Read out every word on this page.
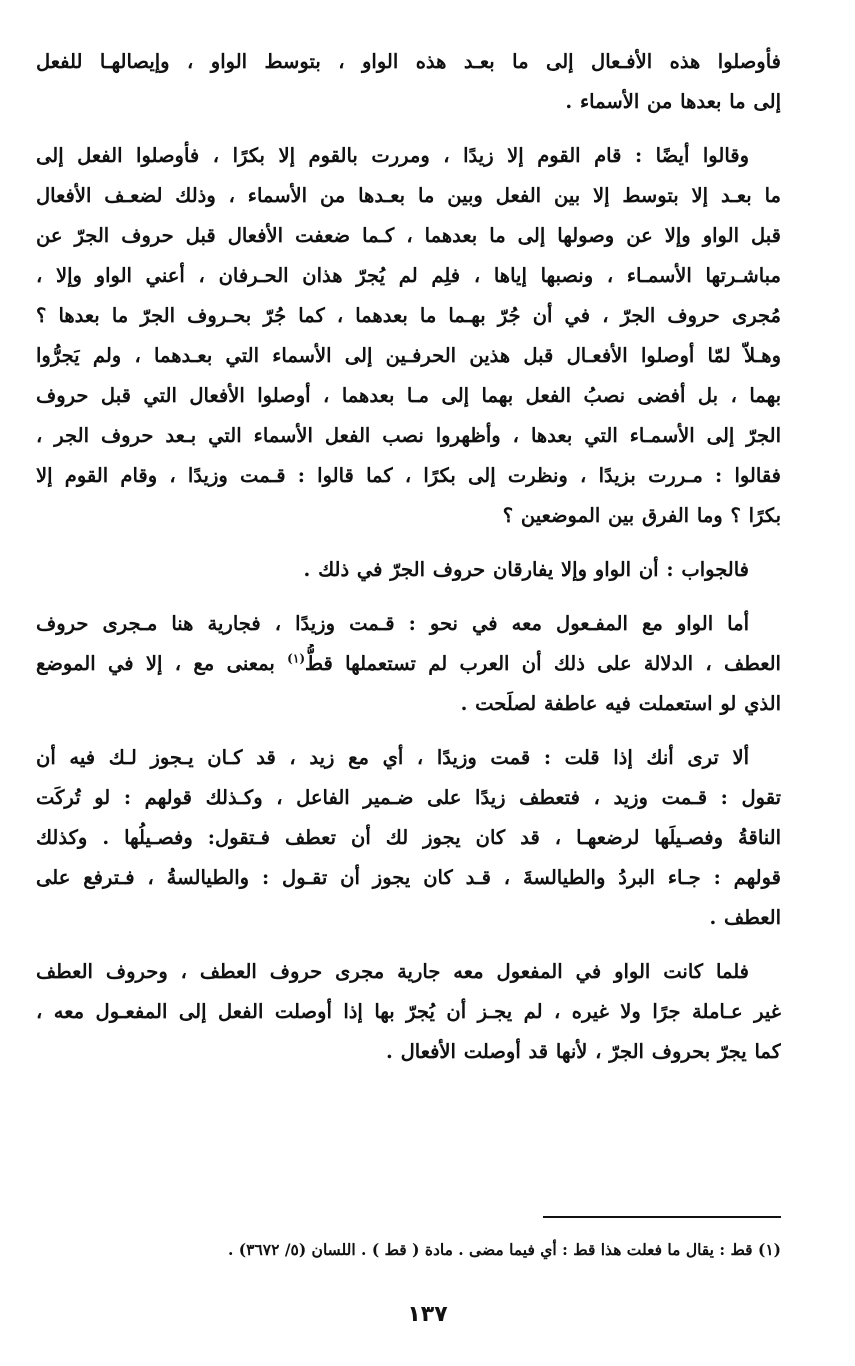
فأوصلوا هذه الأفـعال إلى ما بعـد هذه الواو ، بتوسط الواو ، وإيصالهـا للفعل
إلى ما بعدها من الأسماء .

وقالوا أيضًا : قام القوم إلا زيدًا ، ومررت بالقوم إلا بكرًا ، فأوصلوا الفعل إلى
ما بعـد إلا بتوسط إلا بين الفعل وبين ما بعـدها من الأسماء ، وذلك لضعـف الأفعال
قبل الواو وإلا عن وصولها إلى ما بعدهما ، كـما ضعفت الأفعال قبل حروف الجرّ عن
مباشـرتها الأسمـاء ، ونصبها إياها ، فلِم لم يُجرّ هذان الحـرفان ، أعني الواو وإلا ،
مُجرى حروف الجرّ ، في أن جُرّ بهـما ما بعدهما ، كما جُرّ بحـروف الجرّ ما بعدها ؟
وهـلاّ لمّا أوصلوا الأفعـال قبل هذين الحرفـين إلى الأسماء التي بعـدهما ، ولم يَجرُّوا
بهما ، بل أفضى نصبُ الفعل بهما إلى مـا بعدهما ، أوصلوا الأفعال التي قبل حروف
الجرّ إلى الأسمـاء التي بعدها ، وأظهروا نصب الفعل الأسماء التي بـعد حروف الجر ،
فقالوا : مـررت بزيدًا ، ونظرت إلى بكرًا ، كما قالوا : قـمت وزيدًا ، وقام القوم إلا
بكرًا ؟ وما الفرق بين الموضعين ؟

فالجواب : أن الواو وإلا يفارقان حروف الجرّ في ذلك .

أما الواو مع المفـعول معه في نحو : قـمت وزيدًا ، فجارية هنا مـجرى حروف
العطف ، الدلالة على ذلك أن العرب لم تستعملها قطُّ$^{(١)}$ بمعنى مع ، إلا في الموضع
الذي لو استعملت فيه عاطفة لصلَحت .

ألا ترى أنك إذا قلت : قمت وزيدًا ، أي مع زيد ، قد كـان يـجوز لـك فيه أن
تقول : قـمت وزيد ، فتعطف زيدًا على ضـمير الفاعل ، وكـذلك قولهم : لو تُركَت
الناقةُ وفصـيلَها لرضعهـا ، قد كان يجوز لك أن تعطف فـتقول: وفصـيلُها . وكذلك
قولهم : جـاء البردُ والطيالسةَ ، قـد كان يجوز أن تقـول : والطيالسةُ ، فـترفع على
العطف .

فلما كانت الواو في المفعول معه جارية مجرى حروف العطف ، وحروف العطف
غير عـاملة جرًا ولا غيره ، لم يجـز أن يُجرّ بها إذا أوصلت الفعل إلى المفعـول معه ،
كما يجرّ بحروف الجرّ ، لأنها قد أوصلت الأفعال .

(١) قط : يقال ما فعلت هذا قط : أي فيما مضى . مادة ( قط ) . اللسان (٥/ ٣٦٧٢) .
١٣٧
